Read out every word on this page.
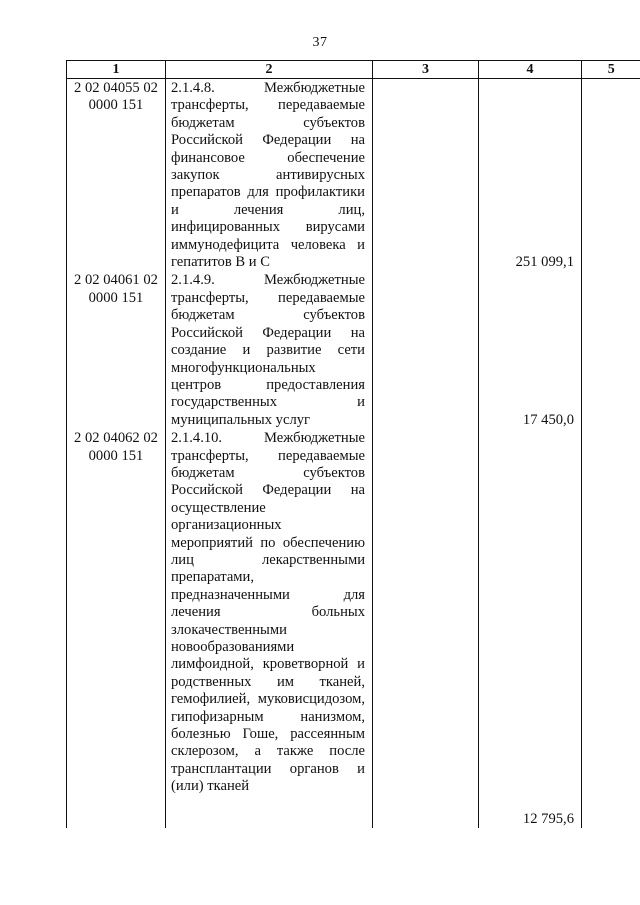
37
1	2	3	4	5

2 02 04055 02
0000 151	2.1.4.8. Межбюджетные трансферты, передаваемые бюджетам субъектов Российской Федерации на финансовое обеспечение закупок антивирусных препаратов для профилактики и лечения лиц, инфицированных вирусами иммунодефицита человека и гепатитов В и С		251 099,1	

2 02 04061 02
0000 151	2.1.4.9. Межбюджетные трансферты, передаваемые бюджетам субъектов Российской Федерации на создание и развитие сети многофункциональных центров предоставления государственных и муниципальных услуг		17 450,0	

2 02 04062 02
0000 151	2.1.4.10. Межбюджетные трансферты, передаваемые бюджетам субъектов Российской Федерации на осуществление организационных мероприятий по обеспечению лиц лекарственными препаратами, предназначенными для лечения больных злокачественными новообразованиями лимфоидной, кроветворной и родственных им тканей, гемофилией, муковисцидозом, гипофизарным нанизмом, болезнью Гоше, рассеянным склерозом, а также после трансплантации органов и (или) тканей		12 795,6	
